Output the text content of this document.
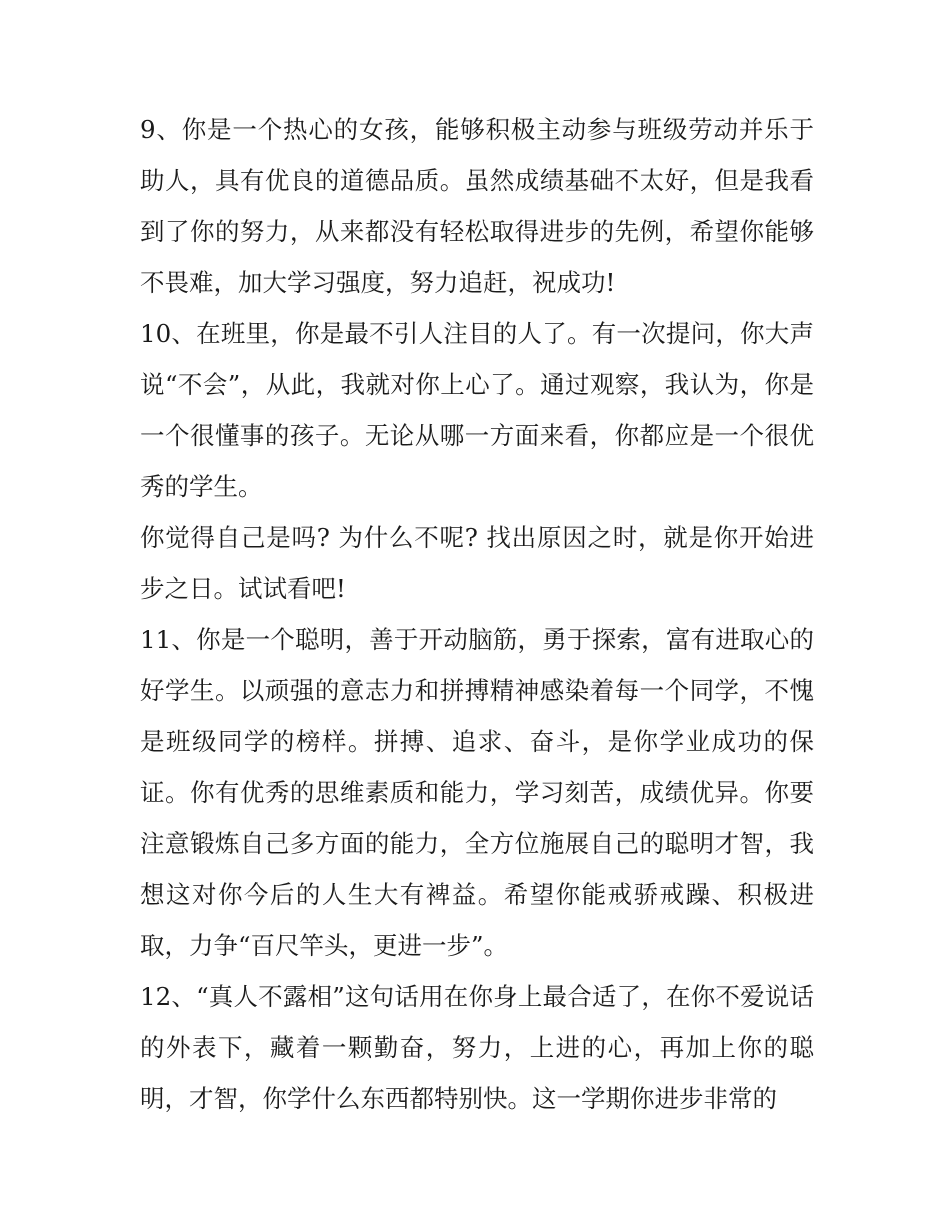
9、你是一个热心的女孩，能够积极主动参与班级劳动并乐于助人，具有优良的道德品质。虽然成绩基础不太好，但是我看到了你的努力，从来都没有轻松取得进步的先例，希望你能够不畏难，加大学习强度，努力追赶，祝成功!

10、在班里，你是最不引人注目的人了。有一次提问，你大声说“不会”，从此，我就对你上心了。通过观察，我认为，你是一个很懂事的孩子。无论从哪一方面来看，你都应是一个很优秀的学生。

你觉得自己是吗? 为什么不呢? 找出原因之时，就是你开始进步之日。试试看吧!

11、你是一个聪明，善于开动脑筋，勇于探索，富有进取心的好学生。以顽强的意志力和拼搏精神感染着每一个同学，不愧是班级同学的榜样。拼搏、追求、奋斗，是你学业成功的保证。你有优秀的思维素质和能力，学习刻苦，成绩优异。你要注意锻炼自己多方面的能力，全方位施展自己的聪明才智，我想这对你今后的人生大有裨益。希望你能戒骄戒躁、积极进取，力争“百尺竿头，更进一步”。

12、“真人不露相”这句话用在你身上最合适了，在你不爱说话的外表下，藏着一颗勤奋，努力，上进的心，再加上你的聪明，才智，你学什么东西都特别快。这一学期你进步非常的
